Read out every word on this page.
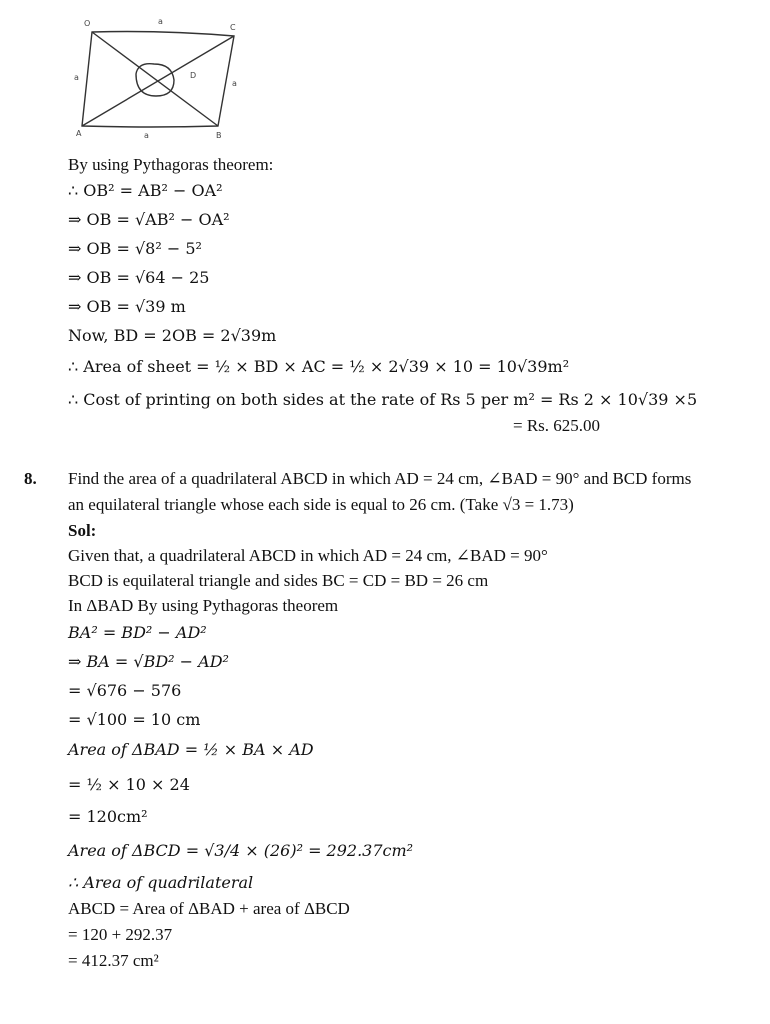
O	C
A	B
D
a
a
a
a
By using Pythagoras theorem:
∴ OB² = AB² − OA²
⇒ OB = √AB² − OA²
⇒ OB = √8² − 5²
⇒ OB = √64 − 25
⇒ OB = √39 m
Now, BD = 2OB = 2√39m
∴ Area of sheet = ½ × BD × AC = ½ × 2√39 × 10 = 10√39m²
∴ Cost of printing on both sides at the rate of Rs 5 per m² = Rs 2 × 10√39 ×5
= Rs. 625.00
8. Find the area of a quadrilateral ABCD in which AD = 24 cm, ∠BAD = 90° and BCD forms
an equilateral triangle whose each side is equal to 26 cm. (Take √3 = 1.73)
Sol:
Given that, a quadrilateral ABCD in which AD = 24 cm, ∠BAD = 90°
BCD is equilateral triangle and sides BC = CD = BD = 26 cm
In ΔBAD By using Pythagoras theorem
BA² = BD² − AD²
⇒ BA = √BD² − AD²
= √676 − 576
= √100 = 10 cm
Area of ΔBAD = ½ × BA × AD
= ½ × 10 × 24
= 120cm²
Area of ΔBCD = √3/4 × (26)² = 292.37cm²
∴ Area of quadrilateral
ABCD = Area of ΔBAD + area of ΔBCD
= 120 + 292.37
= 412.37 cm²
